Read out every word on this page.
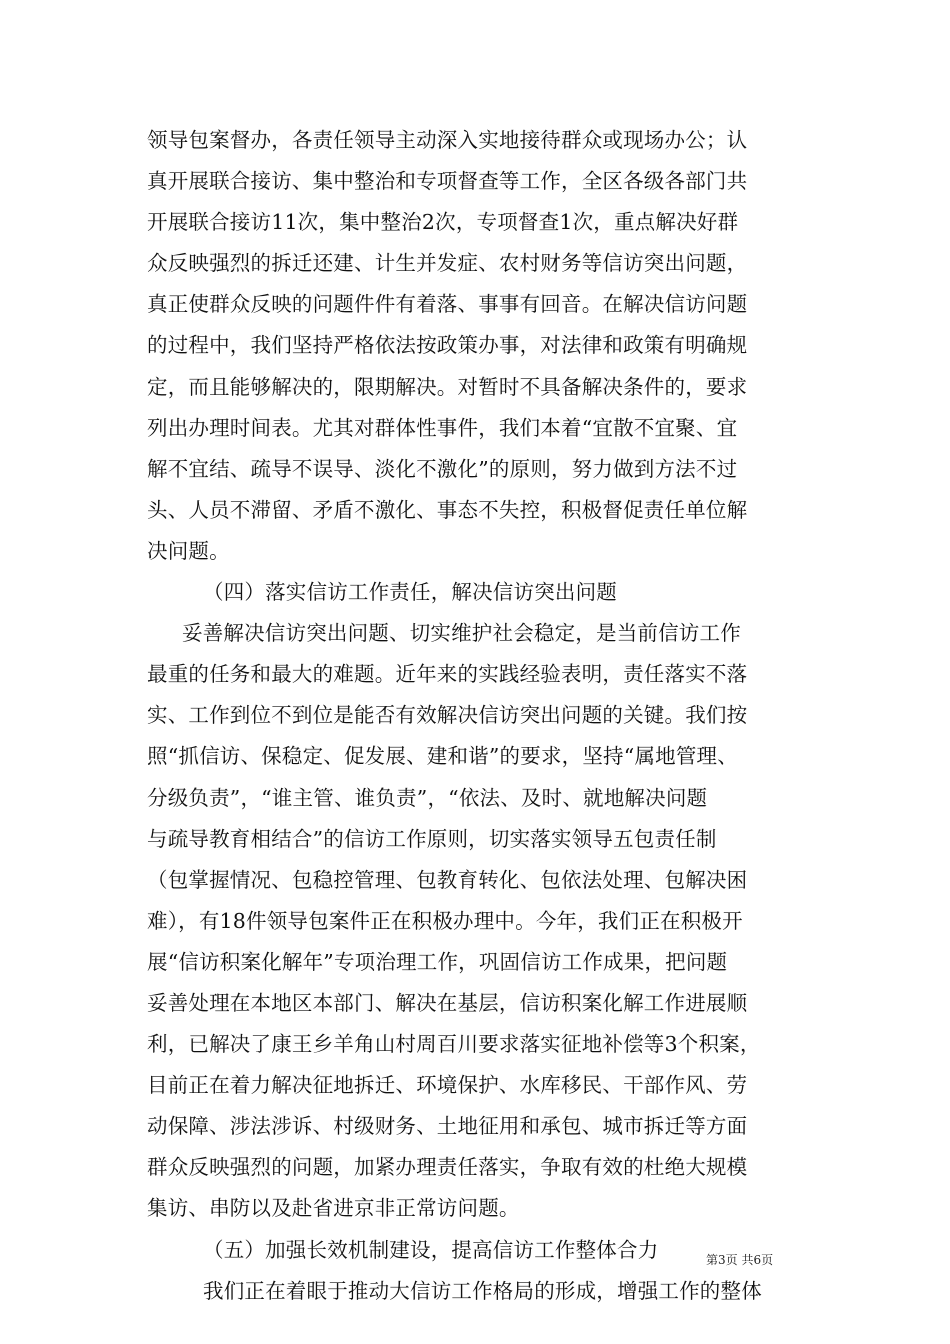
领导包案督办，各责任领导主动深入实地接待群众或现场办公；认
真开展联合接访、集中整治和专项督查等工作，全区各级各部门共
开展联合接访11次，集中整治2次，专项督查1次，重点解决好群
众反映强烈的拆迁还建、计生并发症、农村财务等信访突出问题，
真正使群众反映的问题件件有着落、事事有回音。在解决信访问题
的过程中，我们坚持严格依法按政策办事，对法律和政策有明确规
定，而且能够解决的，限期解决。对暂时不具备解决条件的，要求
列出办理时间表。尤其对群体性事件，我们本着“宜散不宜聚、宜
解不宜结、疏导不误导、淡化不激化”的原则，努力做到方法不过
头、人员不滞留、矛盾不激化、事态不失控，积极督促责任单位解
决问题。
（四）落实信访工作责任，解决信访突出问题
妥善解决信访突出问题、切实维护社会稳定，是当前信访工作
最重的任务和最大的难题。近年来的实践经验表明，责任落实不落
实、工作到位不到位是能否有效解决信访突出问题的关键。我们按
照“抓信访、保稳定、促发展、建和谐”的要求，坚持“属地管理、
分级负责”，“谁主管、谁负责”，“依法、及时、就地解决问题
与疏导教育相结合”的信访工作原则，切实落实领导五包责任制
（包掌握情况、包稳控管理、包教育转化、包依法处理、包解决困
难），有18件领导包案件正在积极办理中。今年，我们正在积极开
展“信访积案化解年”专项治理工作，巩固信访工作成果，把问题
妥善处理在本地区本部门、解决在基层，信访积案化解工作进展顺
利，已解决了康王乡羊角山村周百川要求落实征地补偿等3个积案，
目前正在着力解决征地拆迁、环境保护、水库移民、干部作风、劳
动保障、涉法涉诉、村级财务、土地征用和承包、城市拆迁等方面
群众反映强烈的问题，加紧办理责任落实，争取有效的杜绝大规模
集访、串防以及赴省进京非正常访问题。
（五）加强长效机制建设，提高信访工作整体合力
我们正在着眼于推动大信访工作格局的形成，增强工作的整体
第3页 共6页
